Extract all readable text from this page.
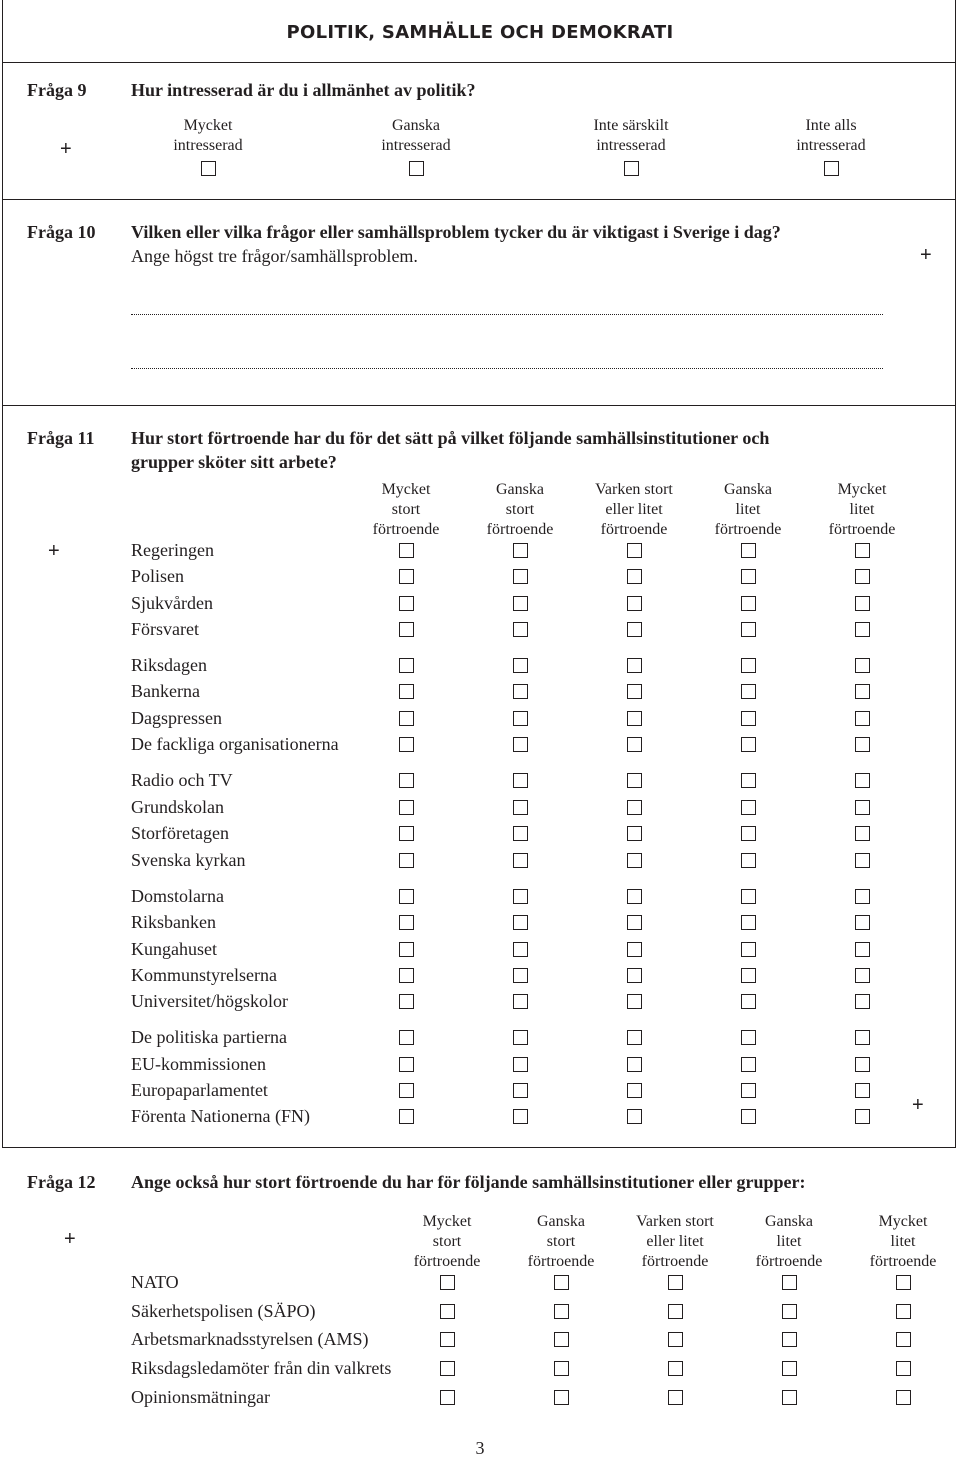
POLITIK, SAMHÄLLE OCH DEMOKRATI
Fråga 9 Hur intresserad är du i allmänhet av politik?
+
Mycket
intresserad
Ganska
intresserad
Inte särskilt
intresserad
Inte alls
intresserad
Fråga 10 Vilken eller vilka frågor eller samhällsproblem tycker du är viktigast i Sverige i dag?
Ange högst tre frågor/samhällsproblem.	+
Fråga 11 Hur stort förtroende har du för det sätt på vilket följande samhällsinstitutioner och
grupper sköter sitt arbete?
+
+
Mycket
stort
förtroende
Ganska
stort
förtroende
Varken stort
eller litet
förtroende
Ganska
litet
förtroende
Mycket
litet
förtroende
Regeringen
Polisen
Sjukvården
Försvaret
Riksdagen
Bankerna
Dagspressen
De fackliga organisationerna
Radio och TV
Grundskolan
Storföretagen
Svenska kyrkan
Domstolarna
Riksbanken
Kungahuset
Kommunstyrelserna
Universitet/högskolor
De politiska partierna
EU-kommissionen
Europaparlamentet
Förenta Nationerna (FN)
Fråga 12 Ange också hur stort förtroende du har för följande samhällsinstitutioner eller grupper:
+
Mycket
stort
förtroende
Ganska
stort
förtroende
Varken stort
eller litet
förtroende
Ganska
litet
förtroende
Mycket
litet
förtroende
NATO
Säkerhetspolisen (SÄPO)
Arbetsmarknadsstyrelsen (AMS)
Riksdagsledamöter från din valkrets
Opinionsmätningar
3
